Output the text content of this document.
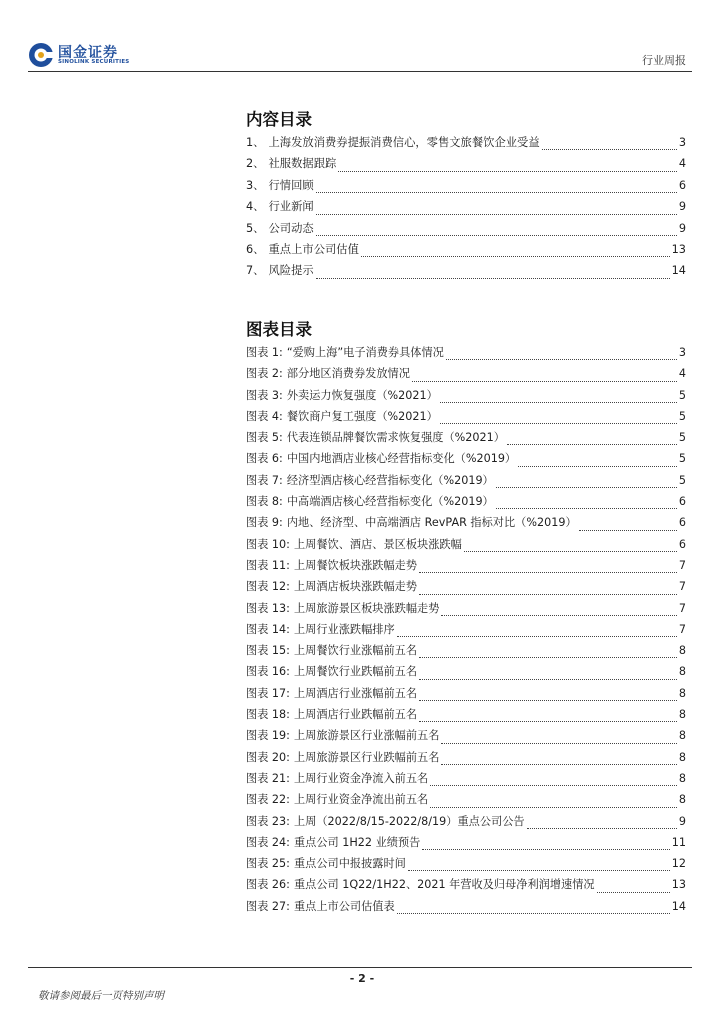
国金证券
SINOLINK SECURITIES	行业周报
内容目录
1、 上海发放消费券提振消费信心，零售文旅餐饮企业受益	3
2、 社服数据跟踪	4
3、 行情回顾	6
4、 行业新闻	9
5、 公司动态	9
6、 重点上市公司估值	13
7、 风险提示	14
图表目录
图表 1: “爱购上海”电子消费券具体情况	3
图表 2: 部分地区消费券发放情况	4
图表 3: 外卖运力恢复强度（%2021）	5
图表 4: 餐饮商户复工强度（%2021）	5
图表 5: 代表连锁品牌餐饮需求恢复强度（%2021）	5
图表 6: 中国内地酒店业核心经营指标变化（%2019）	5
图表 7: 经济型酒店核心经营指标变化（%2019）	5
图表 8: 中高端酒店核心经营指标变化（%2019）	6
图表 9: 内地、经济型、中高端酒店 RevPAR 指标对比（%2019）	6
图表 10: 上周餐饮、酒店、景区板块涨跌幅	6
图表 11: 上周餐饮板块涨跌幅走势	7
图表 12: 上周酒店板块涨跌幅走势	7
图表 13: 上周旅游景区板块涨跌幅走势	7
图表 14: 上周行业涨跌幅排序	7
图表 15: 上周餐饮行业涨幅前五名	8
图表 16: 上周餐饮行业跌幅前五名	8
图表 17: 上周酒店行业涨幅前五名	8
图表 18: 上周酒店行业跌幅前五名	8
图表 19: 上周旅游景区行业涨幅前五名	8
图表 20: 上周旅游景区行业跌幅前五名	8
图表 21: 上周行业资金净流入前五名	8
图表 22: 上周行业资金净流出前五名	8
图表 23: 上周（2022/8/15-2022/8/19）重点公司公告	9
图表 24: 重点公司 1H22 业绩预告	11
图表 25: 重点公司中报披露时间	12
图表 26: 重点公司 1Q22/1H22、2021 年营收及归母净利润增速情况	13
图表 27: 重点上市公司估值表	14
- 2 -
敬请参阅最后一页特别声明
